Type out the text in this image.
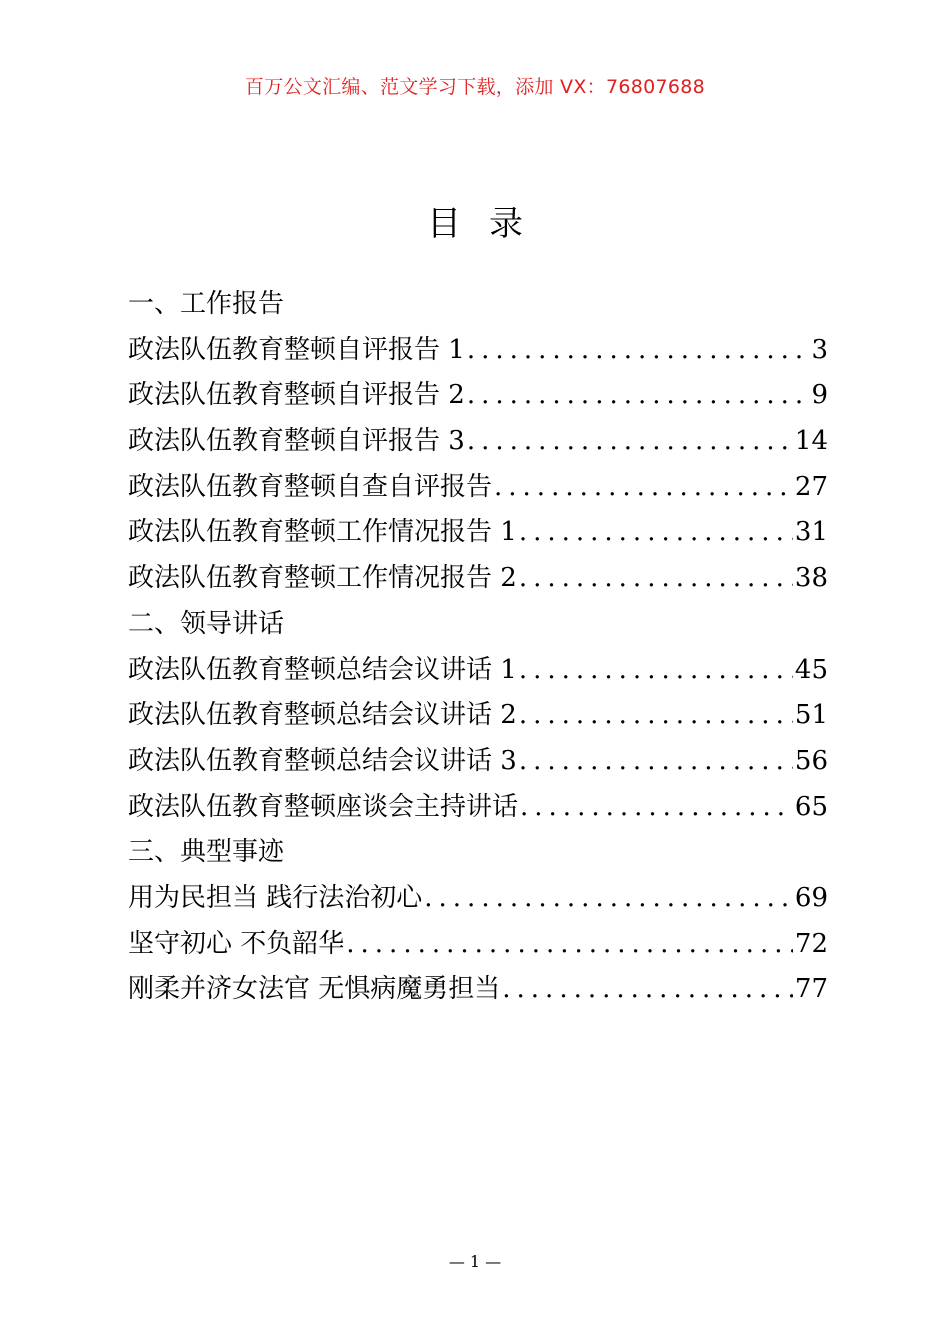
百万公文汇编、范文学习下载，添加 VX：76807688
目录
一、工作报告
政法队伍教育整顿自评报告 1 .....	3
政法队伍教育整顿自评报告 2 .....	9
政法队伍教育整顿自评报告 3 .....	14
政法队伍教育整顿自查自评报告 .....	27
政法队伍教育整顿工作情况报告 1 .....	31
政法队伍教育整顿工作情况报告 2 .....	38
二、领导讲话
政法队伍教育整顿总结会议讲话 1 .....	45
政法队伍教育整顿总结会议讲话 2 .....	51
政法队伍教育整顿总结会议讲话 3 .....	56
政法队伍教育整顿座谈会主持讲话 .....	65
三、典型事迹
用为民担当 践行法治初心 .....	69
坚守初心 不负韶华 .....	72
刚柔并济女法官 无惧病魔勇担当 .....	77
— 1 —
